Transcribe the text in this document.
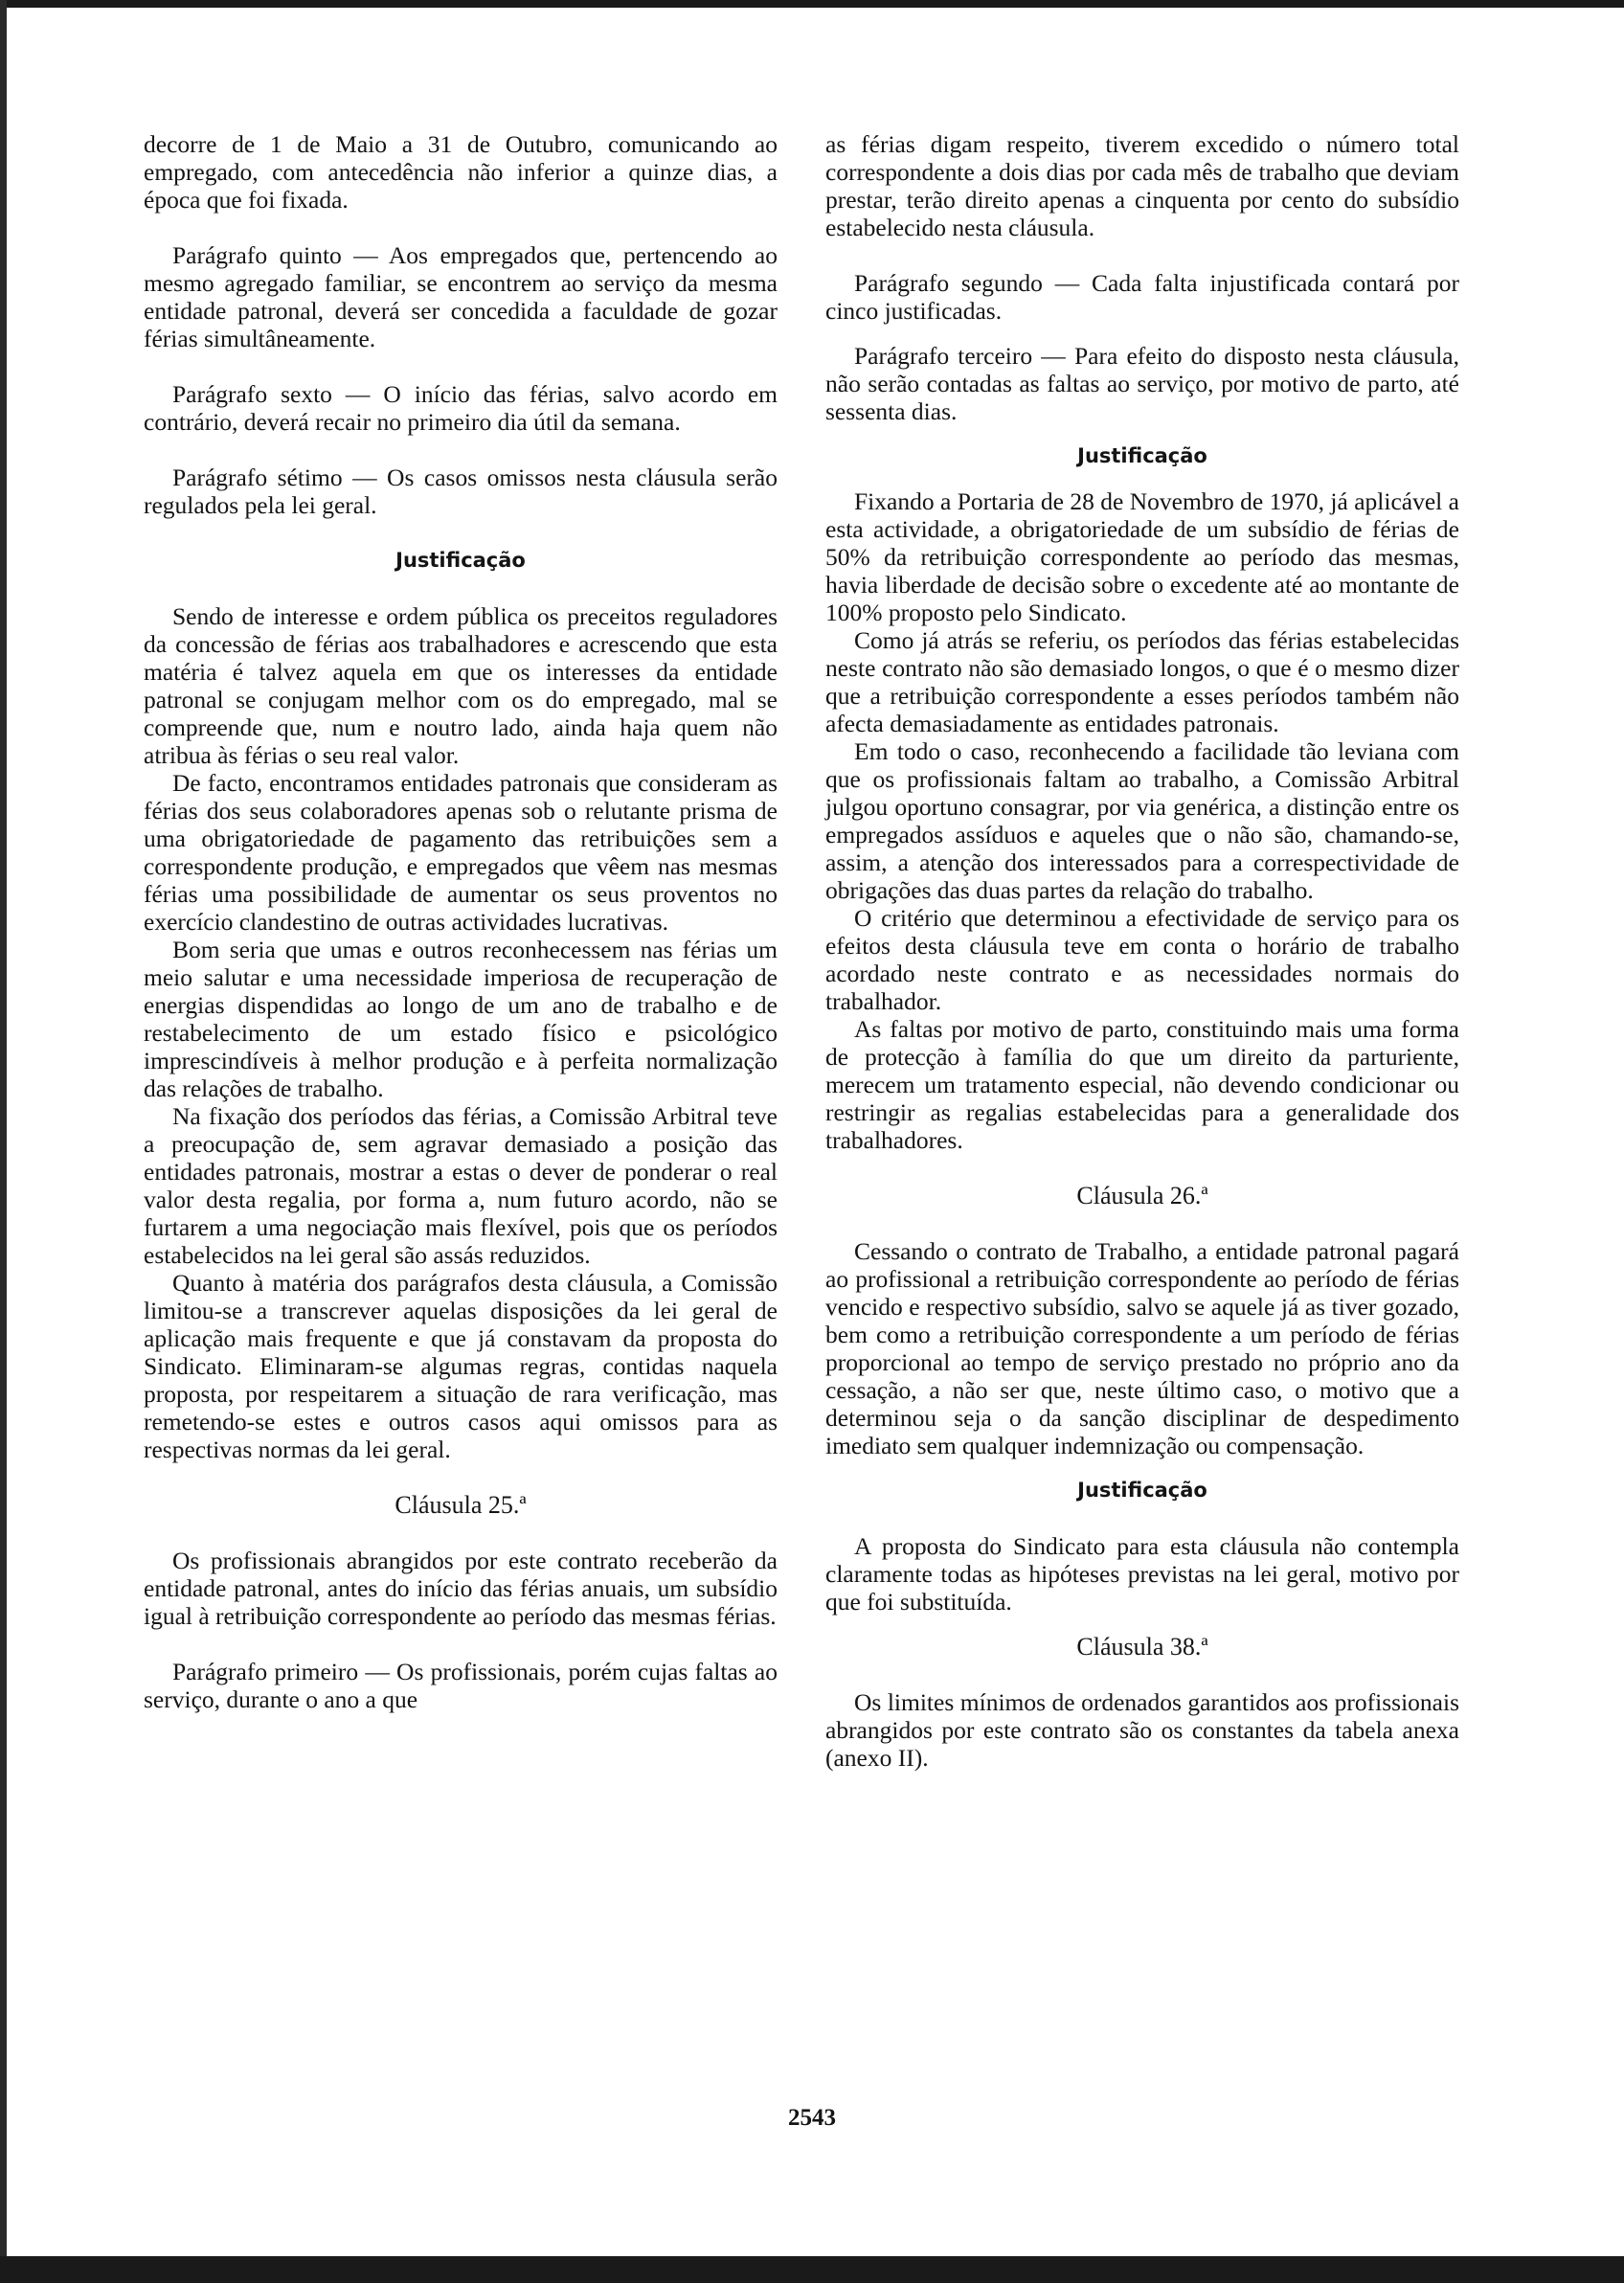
decorre de 1 de Maio a 31 de Outubro, comunicando ao empregado, com antecedência não inferior a quinze dias, a época que foi fixada.

Parágrafo quinto — Aos empregados que, pertencendo ao mesmo agregado familiar, se encontrem ao serviço da mesma entidade patronal, deverá ser concedida a faculdade de gozar férias simultâneamente.

Parágrafo sexto — O início das férias, salvo acordo em contrário, deverá recair no primeiro dia útil da semana.

Parágrafo sétimo — Os casos omissos nesta cláusula serão regulados pela lei geral.

Justificação

Sendo de interesse e ordem pública os preceitos reguladores da concessão de férias aos trabalhadores e acrescendo que esta matéria é talvez aquela em que os interesses da entidade patronal se conjugam melhor com os do empregado, mal se compreende que, num e noutro lado, ainda haja quem não atribua às férias o seu real valor.

De facto, encontramos entidades patronais que consideram as férias dos seus colaboradores apenas sob o relutante prisma de uma obrigatoriedade de pagamento das retribuições sem a correspondente produção, e empregados que vêem nas mesmas férias uma possibilidade de aumentar os seus proventos no exercício clandestino de outras actividades lucrativas.

Bom seria que umas e outros reconhecessem nas férias um meio salutar e uma necessidade imperiosa de recuperação de energias dispendidas ao longo de um ano de trabalho e de restabelecimento de um estado físico e psicológico imprescindíveis à melhor produção e à perfeita normalização das relações de trabalho.

Na fixação dos períodos das férias, a Comissão Arbitral teve a preocupação de, sem agravar demasiado a posição das entidades patronais, mostrar a estas o dever de ponderar o real valor desta regalia, por forma a, num futuro acordo, não se furtarem a uma negociação mais flexível, pois que os períodos estabelecidos na lei geral são assás reduzidos.

Quanto à matéria dos parágrafos desta cláusula, a Comissão limitou-se a transcrever aquelas disposições da lei geral de aplicação mais frequente e que já constavam da proposta do Sindicato. Eliminaram-se algumas regras, contidas naquela proposta, por respeitarem a situação de rara verificação, mas remetendo-se estes e outros casos aqui omissos para as respectivas normas da lei geral.

Cláusula 25.ª

Os profissionais abrangidos por este contrato receberão da entidade patronal, antes do início das férias anuais, um subsídio igual à retribuição correspondente ao período das mesmas férias.

Parágrafo primeiro — Os profissionais, porém cujas faltas ao serviço, durante o ano a que

as férias digam respeito, tiverem excedido o número total correspondente a dois dias por cada mês de trabalho que deviam prestar, terão direito apenas a cinquenta por cento do subsídio estabelecido nesta cláusula.

Parágrafo segundo — Cada falta injustificada contará por cinco justificadas.

Parágrafo terceiro — Para efeito do disposto nesta cláusula, não serão contadas as faltas ao serviço, por motivo de parto, até sessenta dias.

Justificação

Fixando a Portaria de 28 de Novembro de 1970, já aplicável a esta actividade, a obrigatoriedade de um subsídio de férias de 50% da retribuição correspondente ao período das mesmas, havia liberdade de decisão sobre o excedente até ao montante de 100% proposto pelo Sindicato.

Como já atrás se referiu, os períodos das férias estabelecidas neste contrato não são demasiado longos, o que é o mesmo dizer que a retribuição correspondente a esses períodos também não afecta demasiadamente as entidades patronais.

Em todo o caso, reconhecendo a facilidade tão leviana com que os profissionais faltam ao trabalho, a Comissão Arbitral julgou oportuno consagrar, por via genérica, a distinção entre os empregados assíduos e aqueles que o não são, chamando-se, assim, a atenção dos interessados para a correspectividade de obrigações das duas partes da relação do trabalho.

O critério que determinou a efectividade de serviço para os efeitos desta cláusula teve em conta o horário de trabalho acordado neste contrato e as necessidades normais do trabalhador.

As faltas por motivo de parto, constituindo mais uma forma de protecção à família do que um direito da parturiente, merecem um tratamento especial, não devendo condicionar ou restringir as regalias estabelecidas para a generalidade dos trabalhadores.

Cláusula 26.ª

Cessando o contrato de Trabalho, a entidade patronal pagará ao profissional a retribuição correspondente ao período de férias vencido e respectivo subsídio, salvo se aquele já as tiver gozado, bem como a retribuição correspondente a um período de férias proporcional ao tempo de serviço prestado no próprio ano da cessação, a não ser que, neste último caso, o motivo que a determinou seja o da sanção disciplinar de despedimento imediato sem qualquer indemnização ou compensação.

Justificação

A proposta do Sindicato para esta cláusula não contempla claramente todas as hipóteses previstas na lei geral, motivo por que foi substituída.

Cláusula 38.ª

Os limites mínimos de ordenados garantidos aos profissionais abrangidos por este contrato são os constantes da tabela anexa (anexo II).

2543
